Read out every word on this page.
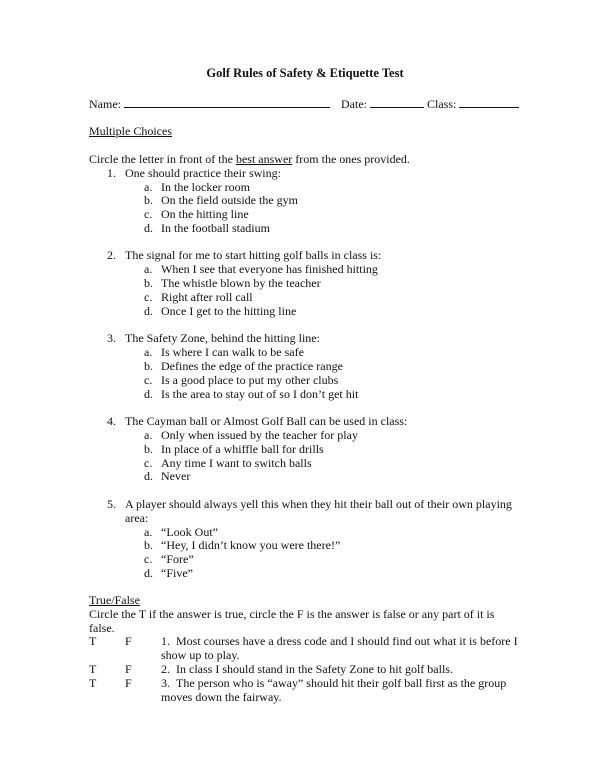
Golf Rules of Safety & Etiquette Test
Name:	Date:	Class:
Multiple Choices
Circle the letter in front of the best answer from the ones provided.
1. One should practice their swing:
a. In the locker room
b. On the field outside the gym
c. On the hitting line
d. In the football stadium
2. The signal for me to start hitting golf balls in class is:
a. When I see that everyone has finished hitting
b. The whistle blown by the teacher
c. Right after roll call
d. Once I get to the hitting line
3. The Safety Zone, behind the hitting line:
a. Is where I can walk to be safe
b. Defines the edge of the practice range
c. Is a good place to put my other clubs
d. Is the area to stay out of so I don’t get hit
4. The Cayman ball or Almost Golf Ball can be used in class:
a. Only when issued by the teacher for play
b. In place of a whiffle ball for drills
c. Any time I want to switch balls
d. Never
5. A player should always yell this when they hit their ball out of their own playing
area:
a. “Look Out”
b. “Hey, I didn’t know you were there!”
c. “Fore”
d. “Five”
True/False
Circle the T if the answer is true, circle the F is the answer is false or any part of it is
false.
T F 1. Most courses have a dress code and I should find out what it is before I
show up to play.
T F 2. In class I should stand in the Safety Zone to hit golf balls.
T F 3. The person who is “away” should hit their golf ball first as the group
moves down the fairway.
